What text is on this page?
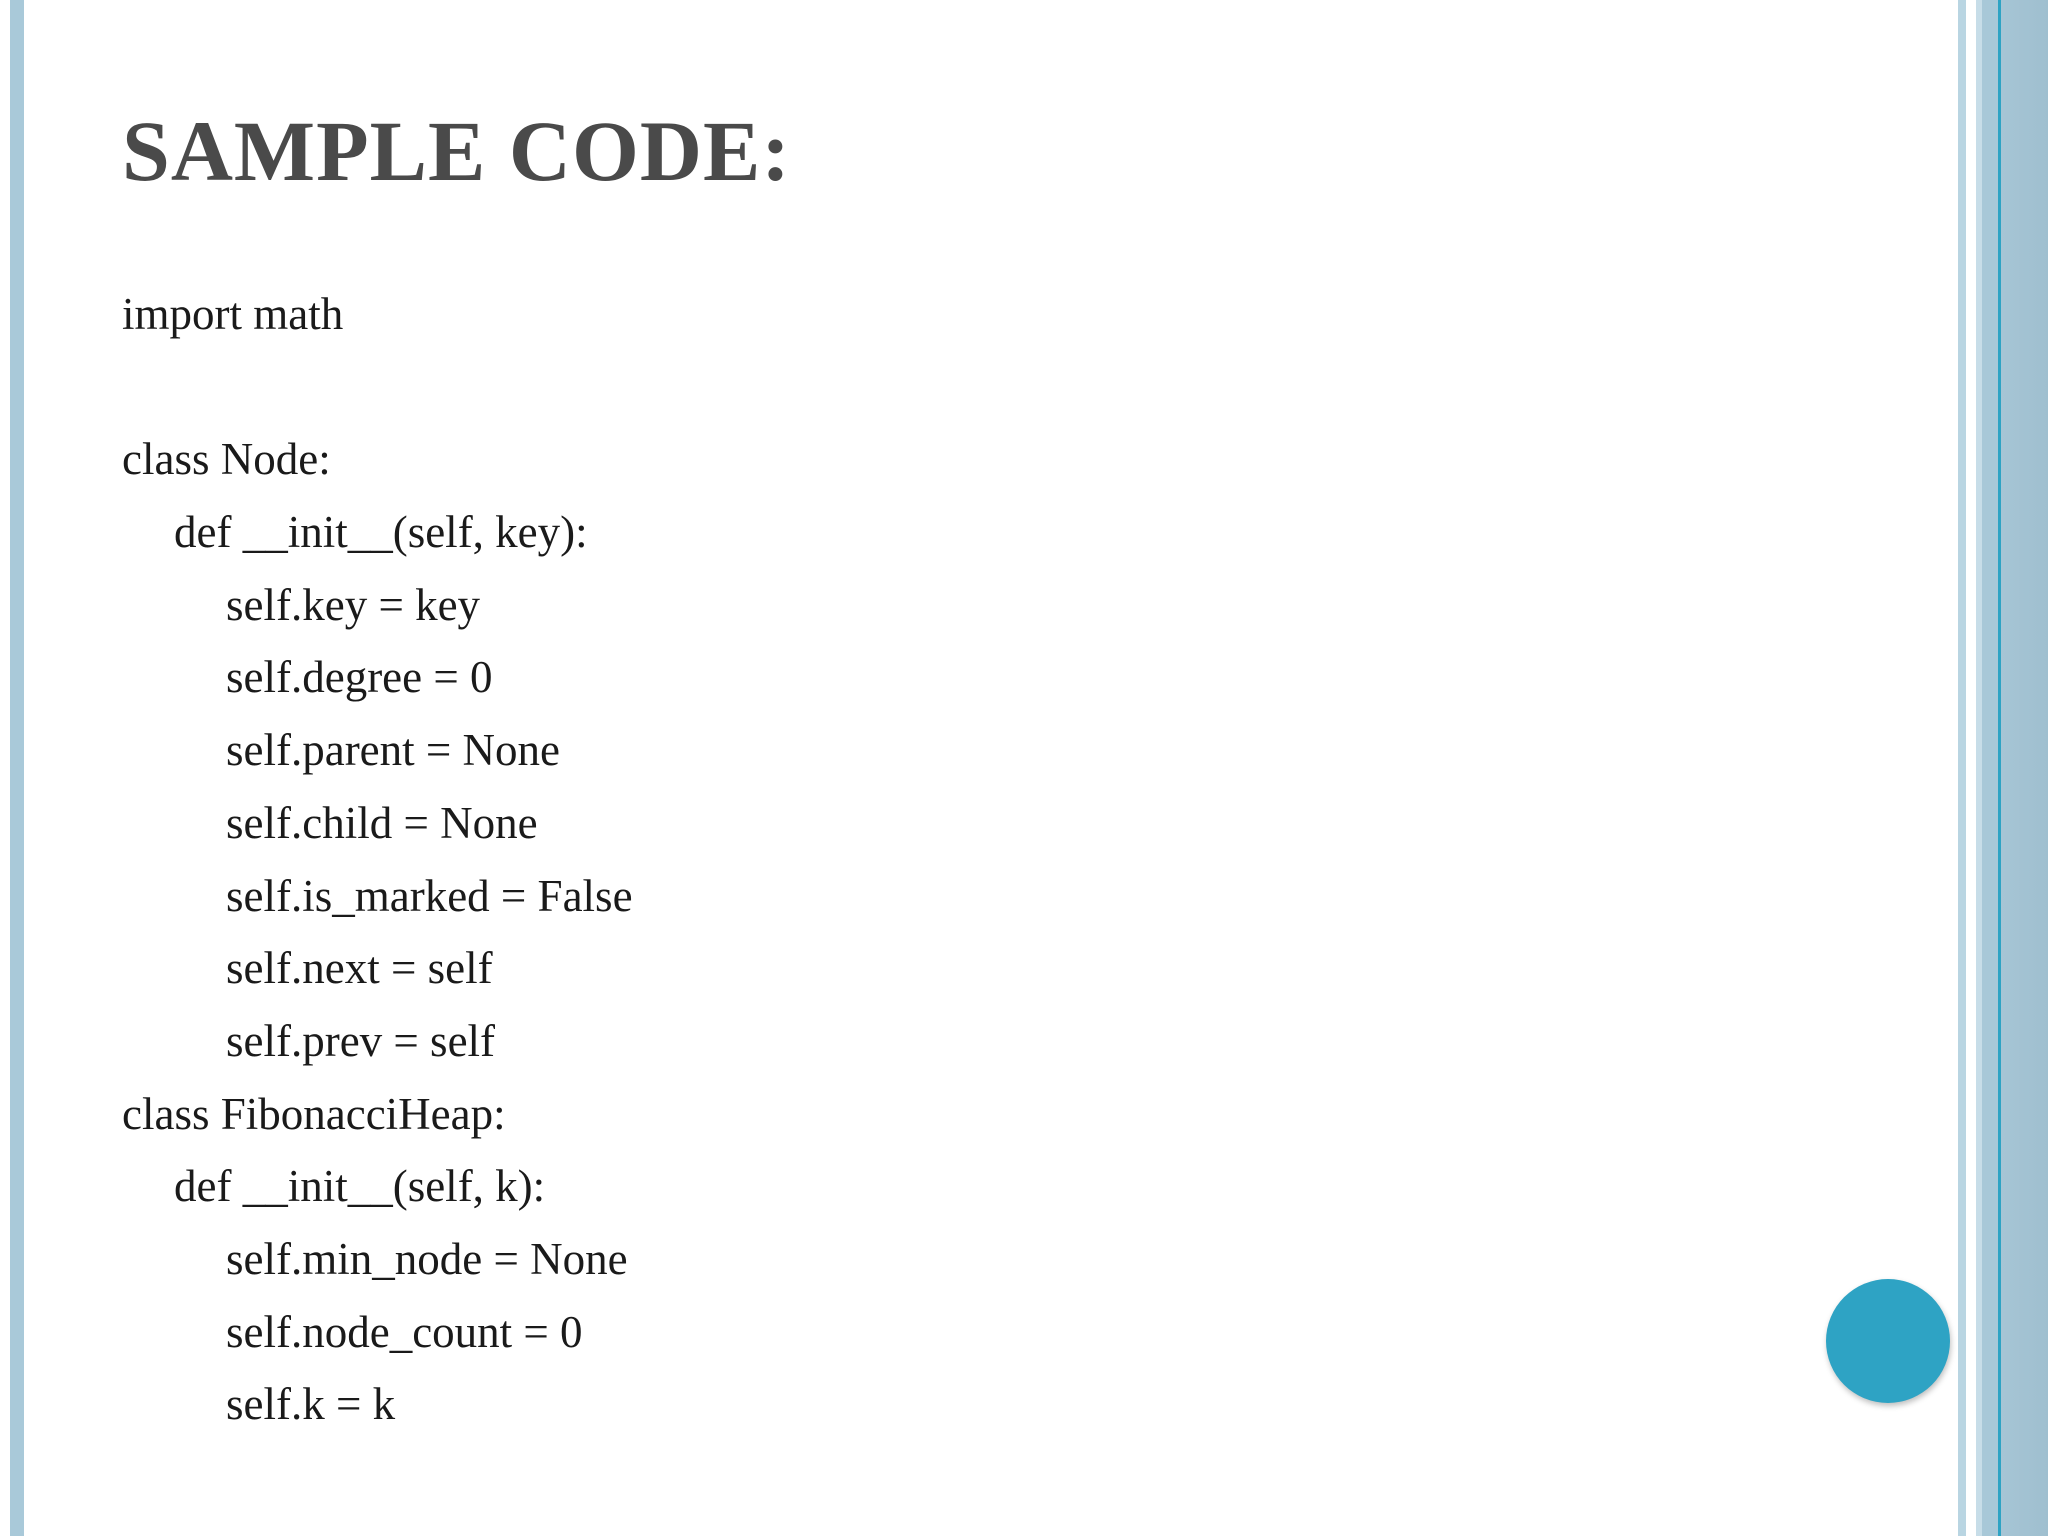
SAMPLE CODE:
import math
class Node:
def __init__(self, key):
self.key = key
self.degree = 0
self.parent = None
self.child = None
self.is_marked = False
self.next = self
self.prev = self
class FibonacciHeap:
def __init__(self, k):
self.min_node = None
self.node_count = 0
self.k = k
